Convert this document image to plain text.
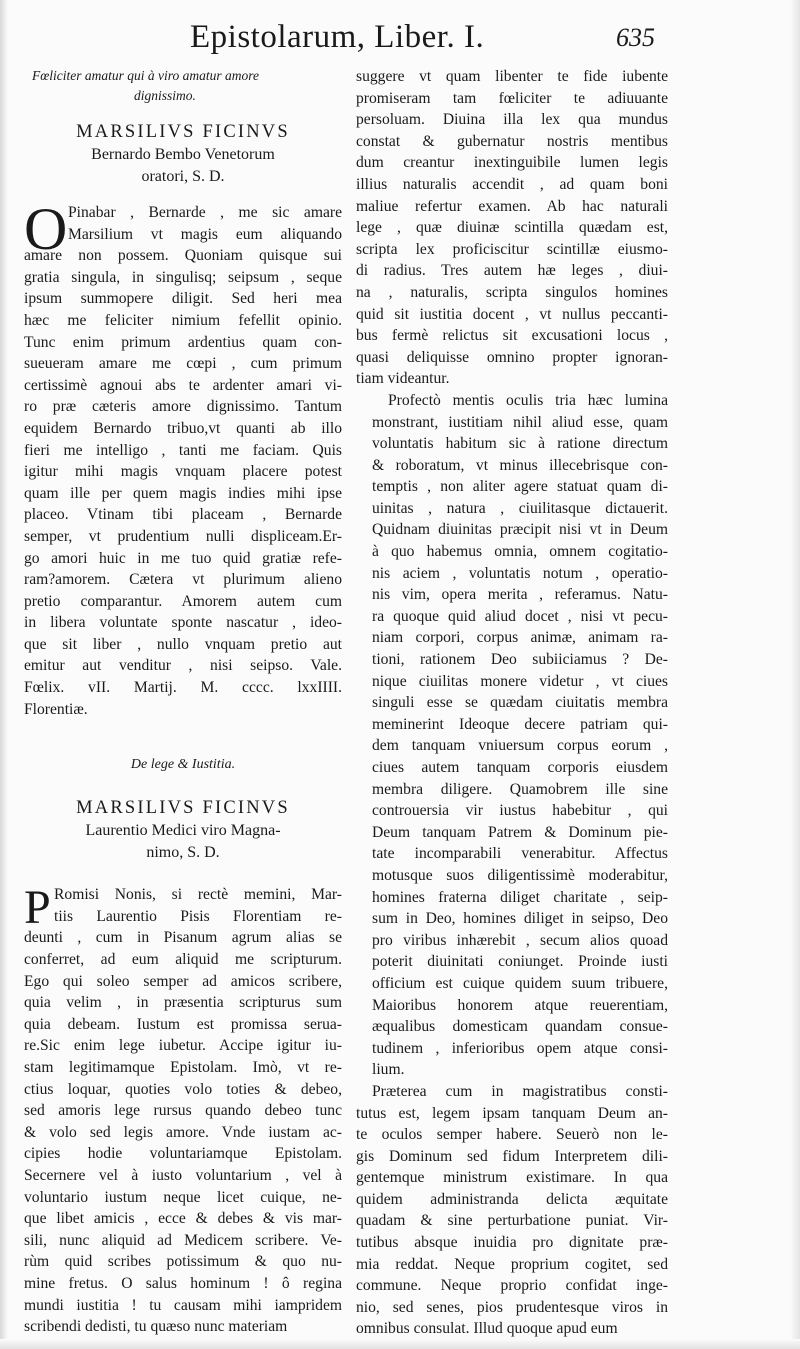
Epistolarum, Liber. I.	635
Fœliciter amatur qui à viro amatur amore
dignissimo.
MARSILIVS FICINVS
Bernardo Bembo Venetorum
oratori, S. D.
O Pinabar , Bernarde , me sic amare
Marsilium vt magis eum aliquando
amare non possem. Quoniam quisque sui
gratia singula, in singulisq; seipsum , seque
ipsum summopere diligit. Sed heri mea
hæc me feliciter nimium fefellit opinio.
Tunc enim primum ardentius quam con-
sueueram amare me cœpi , cum primum
certissimè agnoui abs te ardenter amari vi-
ro præ cæteris amore dignissimo. Tantum
equidem Bernardo tribuo,vt quanti ab illo
fieri me intelligo , tanti me faciam. Quis
igitur mihi magis vnquam placere potest
quam ille per quem magis indies mihi ipse
placeo. Vtinam tibi placeam , Bernarde
semper, vt prudentium nulli displiceam.Er-
go amori huic in me tuo quid gratiæ refe-
ram?amorem. Cætera vt plurimum alieno
pretio comparantur. Amorem autem cum
in libera voluntate sponte nascatur , ideo-
que sit liber , nullo vnquam pretio aut
emitur aut venditur , nisi seipso. Vale.
Fœlix. vII. Martij. M. cccc. lxxIIII.
Florentiæ.
De lege & Iustitia.
MARSILIVS FICINVS
Laurentio Medici viro Magna-
nimo, S. D.
P Romisi Nonis, si rectè memini, Mar-
tiis Laurentio Pisis Florentiam re-
deunti , cum in Pisanum agrum alias se
conferret, ad eum aliquid me scripturum.
Ego qui soleo semper ad amicos scribere,
quia velim , in præsentia scripturus sum
quia debeam. Iustum est promissa serua-
re.Sic enim lege iubetur. Accipe igitur iu-
stam legitimamque Epistolam. Imò, vt re-
ctius loquar, quoties volo toties & debeo,
sed amoris lege rursus quando debeo tunc
& volo sed legis amore. Vnde iustam ac-
cipies hodie voluntariamque Epistolam.
Secernere vel à iusto voluntarium , vel à
voluntario iustum neque licet cuique, ne-
que libet amicis , ecce & debes & vis mar-
sili, nunc aliquid ad Medicem scribere. Ve-
rùm quid scribes potissimum & quo nu-
mine fretus. O salus hominum ! ô regina
mundi iustitia ! tu causam mihi iampridem
scribendi dedisti, tu quæso nunc materiam
suggere vt quam libenter te fide iubente
promiseram tam fœliciter te adiuuante
persoluam. Diuina illa lex qua mundus
constat & gubernatur nostris mentibus
dum creantur inextinguibile lumen legis
illius naturalis accendit , ad quam boni
maliue refertur examen. Ab hac naturali
lege , quæ diuinæ scintilla quædam est,
scripta lex proficiscitur scintillæ eiusmo-
di radius. Tres autem hæ leges , diui-
na , naturalis, scripta singulos homines
quid sit iustitia docent , vt nullus peccanti-
bus fermè relictus sit excusationi locus ,
quasi deliquisse omnino propter ignoran-
tiam videantur.
Profectò mentis oculis tria hæc lumina
monstrant, iustitiam nihil aliud esse, quam
voluntatis habitum sic à ratione directum
& roboratum, vt minus illecebrisque con-
temptis , non aliter agere statuat quam di-
uinitas , natura , ciuilitasque dictauerit.
Quidnam diuinitas præcipit nisi vt in Deum
à quo habemus omnia, omnem cogitatio-
nis aciem , voluntatis notum , operatio-
nis vim, opera merita , referamus. Natu-
ra quoque quid aliud docet , nisi vt pecu-
niam corpori, corpus animæ, animam ra-
tioni, rationem Deo subiiciamus ? De-
nique ciuilitas monere videtur , vt ciues
singuli esse se quædam ciuitatis membra
meminerint Ideoque decere patriam qui-
dem tanquam vniuersum corpus eorum ,
ciues autem tanquam corporis eiusdem
membra diligere. Quamobrem ille sine
controuersia vir iustus habebitur , qui
Deum tanquam Patrem & Dominum pie-
tate incomparabili venerabitur. Affectus
motusque suos diligentissimè moderabitur,
homines fraterna diliget charitate , seip-
sum in Deo, homines diliget in seipso, Deo
pro viribus inhærebit , secum alios quoad
poterit diuinitati coniunget. Proinde iusti
officium est cuique quidem suum tribuere,
Maioribus honorem atque reuerentiam,
æqualibus domesticam quandam consue-
tudinem , inferioribus opem atque consi-
lium.
Præterea cum in magistratibus consti-
tutus est, legem ipsam tanquam Deum an-
te oculos semper habere. Seuerò non le-
gis Dominum sed fidum Interpretem dili-
gentemque ministrum existimare. In qua
quidem administranda delicta æquitate
quadam & sine perturbatione puniat. Vir-
tutibus absque inuidia pro dignitate præ-
mia reddat. Neque proprium cogitet, sed
commune. Neque proprio confidat inge-
nio, sed senes, pios prudentesque viros in
omnibus consulat. Illud quoque apud eum
